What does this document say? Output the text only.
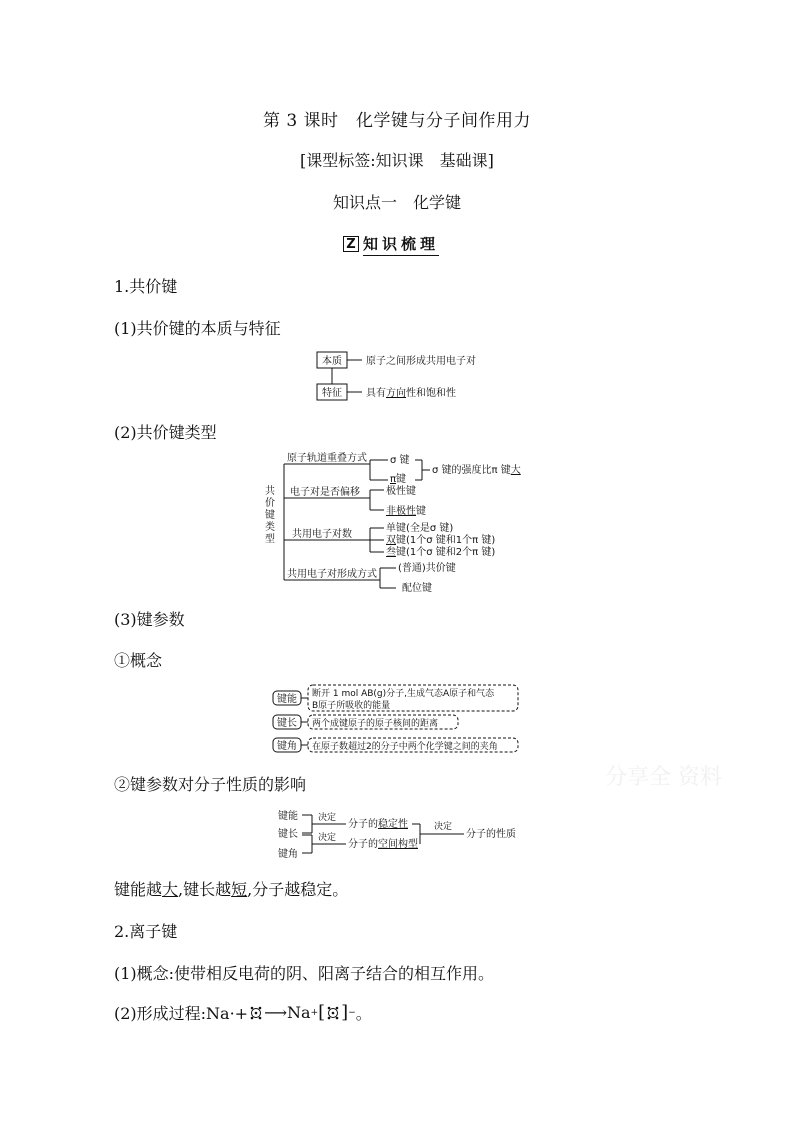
第 3 课时　化学键与分子间作用力
[课型标签:知识课　基础课]
知识点一　化学键
Z 知识梳理
1.共价键
(1)共价键的本质与特征
本质
特征
原子之间形成共用电子对
具有方向性和饱和性
(2)共价键类型
共
价
键
类
型
原子轨道重叠方式
电子对是否偏移
共用电子对数
共用电子对形成方式
σ 键
π键
σ 键的强度比π 键大
极性键
非极性键
单键(全是σ 键)
双键(1个σ 键和1个π 键)
叁键(1个σ 键和2个π 键)
(普通)共价键
配位键
(3)键参数
①概念
键能
键长
键角
断开 1 mol AB(g)分子,生成气态A原子和气态
B原子所吸收的能量
两个成键原子的原子核间的距离
在原子数超过2的分子中两个化学键之间的夹角
②键参数对分子性质的影响
键能
键长
键角
决定
决定
分子的稳定性
分子的空间构型
决定
分子的性质
键能越大,键长越短,分子越稳定。
2.离子键
(1)概念:使带相反电荷的阴、阳离子结合的相互作用。
(2)形成过程:Na·+ ⟶ Na + [ ] − 。
分享全 资料
